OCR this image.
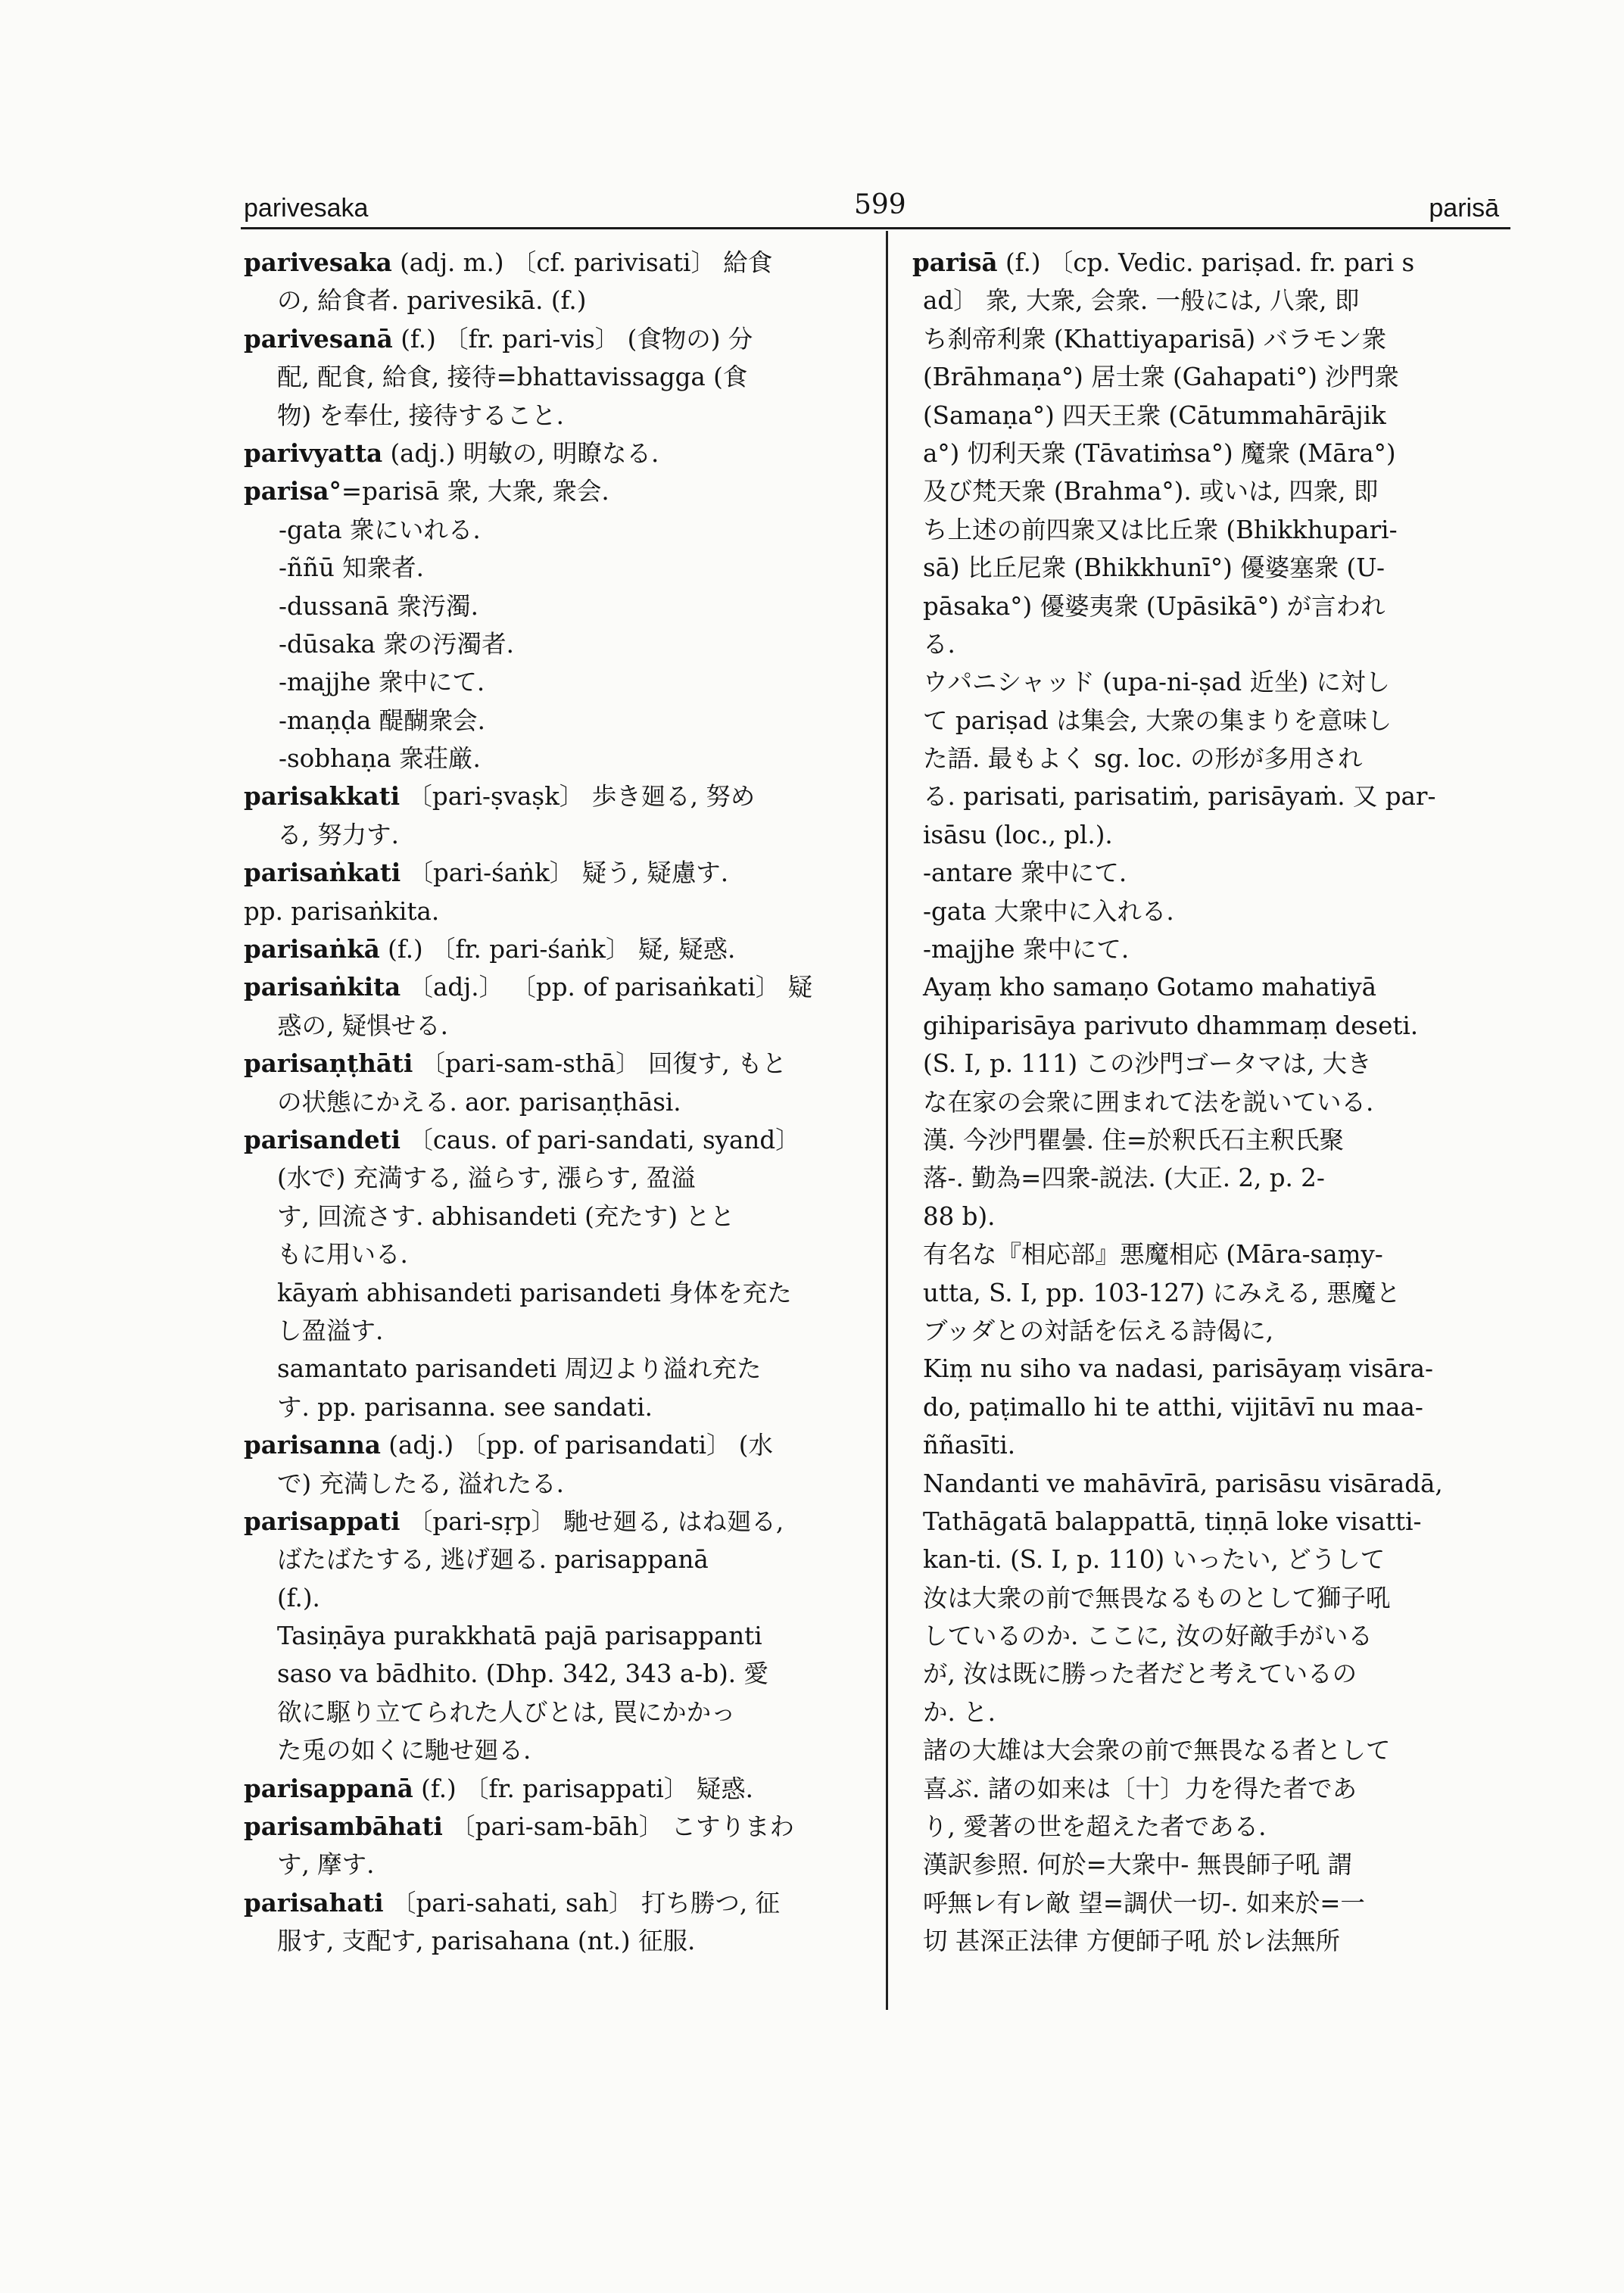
parivesaka	599	parisā
parivesaka (adj. m.) 〔cf. parivisati〕 給食
の, 給食者. parivesikā. (f.)
parivesanā (f.) 〔fr. pari-vis〕 (食物の) 分
配, 配食, 給食, 接待=bhattavissagga (食
物) を奉仕, 接待すること.
parivyatta (adj.) 明敏の, 明瞭なる.
parisa°=parisā 衆, 大衆, 衆会.
-gata 衆にいれる.
-ññū 知衆者.
-dussanā 衆汚濁.
-dūsaka 衆の汚濁者.
-majjhe 衆中にて.
-maṇḍa 醍醐衆会.
-sobhaṇa 衆荘厳.
parisakkati 〔pari-ṣvaṣk〕 歩き廻る, 努め
る, 努力す.
parisaṅkati 〔pari-śaṅk〕 疑う, 疑慮す.
pp. parisaṅkita.
parisaṅkā (f.) 〔fr. pari-śaṅk〕 疑, 疑惑.
parisaṅkita 〔adj.〕 〔pp. of parisaṅkati〕 疑
惑の, 疑惧せる.
parisaṇṭhāti 〔pari-sam-sthā〕 回復す, もと
の状態にかえる. aor. parisaṇṭhāsi.
parisandeti 〔caus. of pari-sandati, syand〕
(水で) 充満する, 溢らす, 漲らす, 盈溢
す, 回流さす. abhisandeti (充たす) とと
もに用いる.
kāyaṁ abhisandeti parisandeti 身体を充た
し盈溢す.
samantato parisandeti 周辺より溢れ充た
す. pp. parisanna. see sandati.
parisanna (adj.) 〔pp. of parisandati〕 (水
で) 充満したる, 溢れたる.
parisappati 〔pari-sṛp〕 馳せ廻る, はね廻る,
ばたばたする, 逃げ廻る. parisappanā
(f.).
Tasiṇāya purakkhatā pajā parisappanti
saso va bādhito. (Dhp. 342, 343 a-b). 愛
欲に駆り立てられた人びとは, 罠にかかっ
た兎の如くに馳せ廻る.
parisappanā (f.) 〔fr. parisappati〕 疑惑.
parisambāhati 〔pari-sam-bāh〕 こすりまわ
す, 摩す.
parisahati 〔pari-sahati, sah〕 打ち勝つ, 征
服す, 支配す, parisahana (nt.) 征服.
parisā (f.) 〔cp. Vedic. pariṣad. fr. pari s
ad〕 衆, 大衆, 会衆. 一般には, 八衆, 即
ち刹帝利衆 (Khattiyaparisā) バラモン衆
(Brāhmaṇa°) 居士衆 (Gahapati°) 沙門衆
(Samaṇa°) 四天王衆 (Cātummahārājik
a°) 忉利天衆 (Tāvatiṁsa°) 魔衆 (Māra°)
及び梵天衆 (Brahma°). 或いは, 四衆, 即
ち上述の前四衆又は比丘衆 (Bhikkhupari-
sā) 比丘尼衆 (Bhikkhunī°) 優婆塞衆 (U-
pāsaka°) 優婆夷衆 (Upāsikā°) が言われ
る.
ウパニシャッド (upa-ni-ṣad 近坐) に対し
て pariṣad は集会, 大衆の集まりを意味し
た語. 最もよく sg. loc. の形が多用され
る. parisati, parisatiṁ, parisāyaṁ. 又 par-
isāsu (loc., pl.).
-antare 衆中にて.
-gata 大衆中に入れる.
-majjhe 衆中にて.
Ayaṃ kho samaṇo Gotamo mahatiyā
gihiparisāya parivuto dhammaṃ deseti.
(S. I, p. 111) この沙門ゴータマは, 大き
な在家の会衆に囲まれて法を説いている.
漢. 今沙門瞿曇. 住=於釈氏石主釈氏聚
落-. 勤為=四衆-説法. (大正. 2, p. 2-
88 b).
有名な『相応部』悪魔相応 (Māra-saṃy-
utta, S. I, pp. 103-127) にみえる, 悪魔と
ブッダとの対話を伝える詩偈に,
Kiṃ nu siho va nadasi, parisāyaṃ visāra-
do, paṭimallo hi te atthi, vijitāvī nu maa-
ññasīti.
Nandanti ve mahāvīrā, parisāsu visāradā,
Tathāgatā balappattā, tiṇṇā loke visatti-
kan-ti. (S. I, p. 110) いったい, どうして
汝は大衆の前で無畏なるものとして獅子吼
しているのか. ここに, 汝の好敵手がいる
が, 汝は既に勝った者だと考えているの
か. と.
諸の大雄は大会衆の前で無畏なる者として
喜ぶ. 諸の如来は〔十〕力を得た者であ
り, 愛著の世を超えた者である.
漢訳参照. 何於=大衆中- 無畏師子吼 謂
呼無レ有レ敵 望=調伏一切-. 如来於=一
切 甚深正法律 方便師子吼 於レ法無所
